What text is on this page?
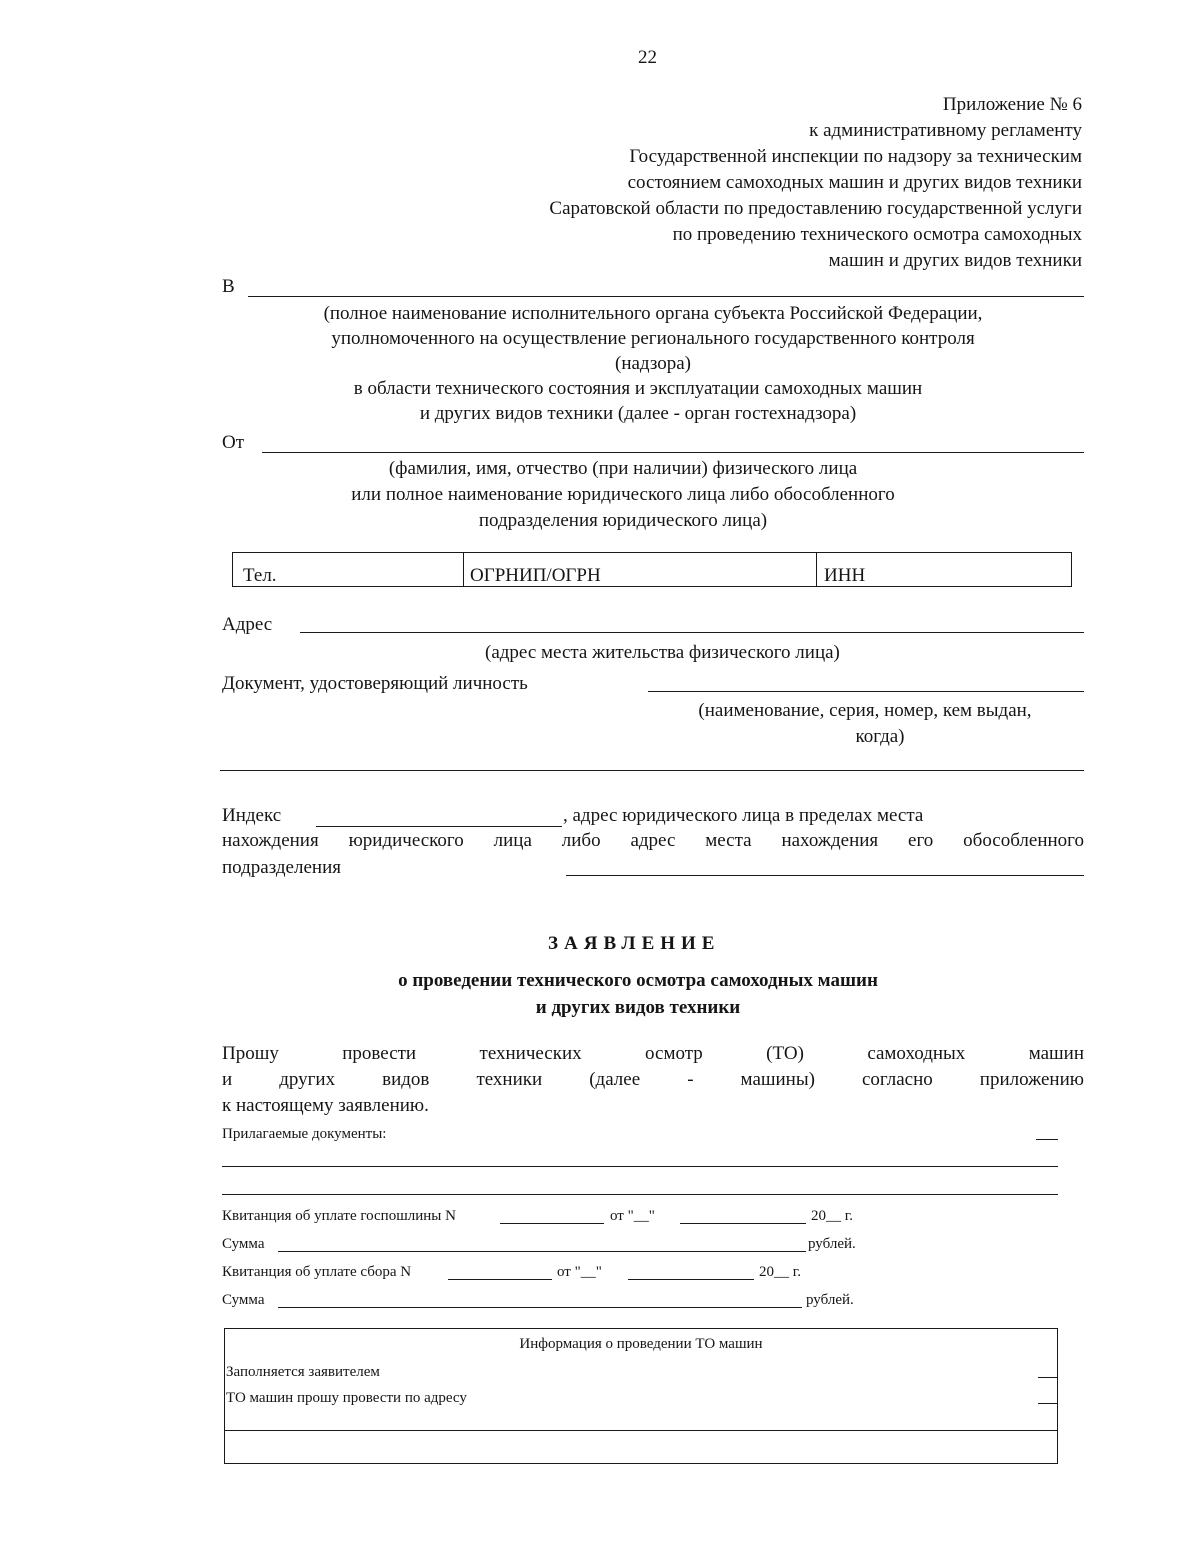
22
Приложение № 6
к административному регламенту
Государственной инспекции по надзору за техническим
состоянием самоходных машин и других видов техники
Саратовской области по предоставлению государственной услуги
по проведению технического осмотра самоходных
машин и других видов техники
В
(полное наименование исполнительного органа субъекта Российской Федерации,
уполномоченного на осуществление регионального государственного контроля
(надзора)
в области технического состояния и эксплуатации самоходных машин
и других видов техники (далее - орган гостехнадзора)
От
(фамилия, имя, отчество (при наличии) физического лица
или полное наименование юридического лица либо обособленного
подразделения юридического лица)
Тел.	ОГРНИП/ОГРН	ИНН
Адрес
(адрес места жительства физического лица)
Документ, удостоверяющий личность
(наименование, серия, номер, кем выдан,
когда)
Индекс	, адрес юридического лица в пределах места
нахождения юридического лица либо адрес места нахождения его обособленного
подразделения
ЗАЯВЛЕНИЕ
о проведении технического осмотра самоходных машин
и других видов техники
Прошу	провести	технических	осмотр	(ТО)	самоходных	машин
и других видов техники (далее - машины) согласно приложению
к настоящему заявлению.
Прилагаемые документы:
Квитанция об уплате госпошлины N	от "__"	20__ г.
Сумма	рублей.
Квитанция об уплате сбора N	от "__"	20__ г.
Сумма	рублей.
Информация о проведении ТО машин
Заполняется заявителем
ТО машин прошу провести по адресу
